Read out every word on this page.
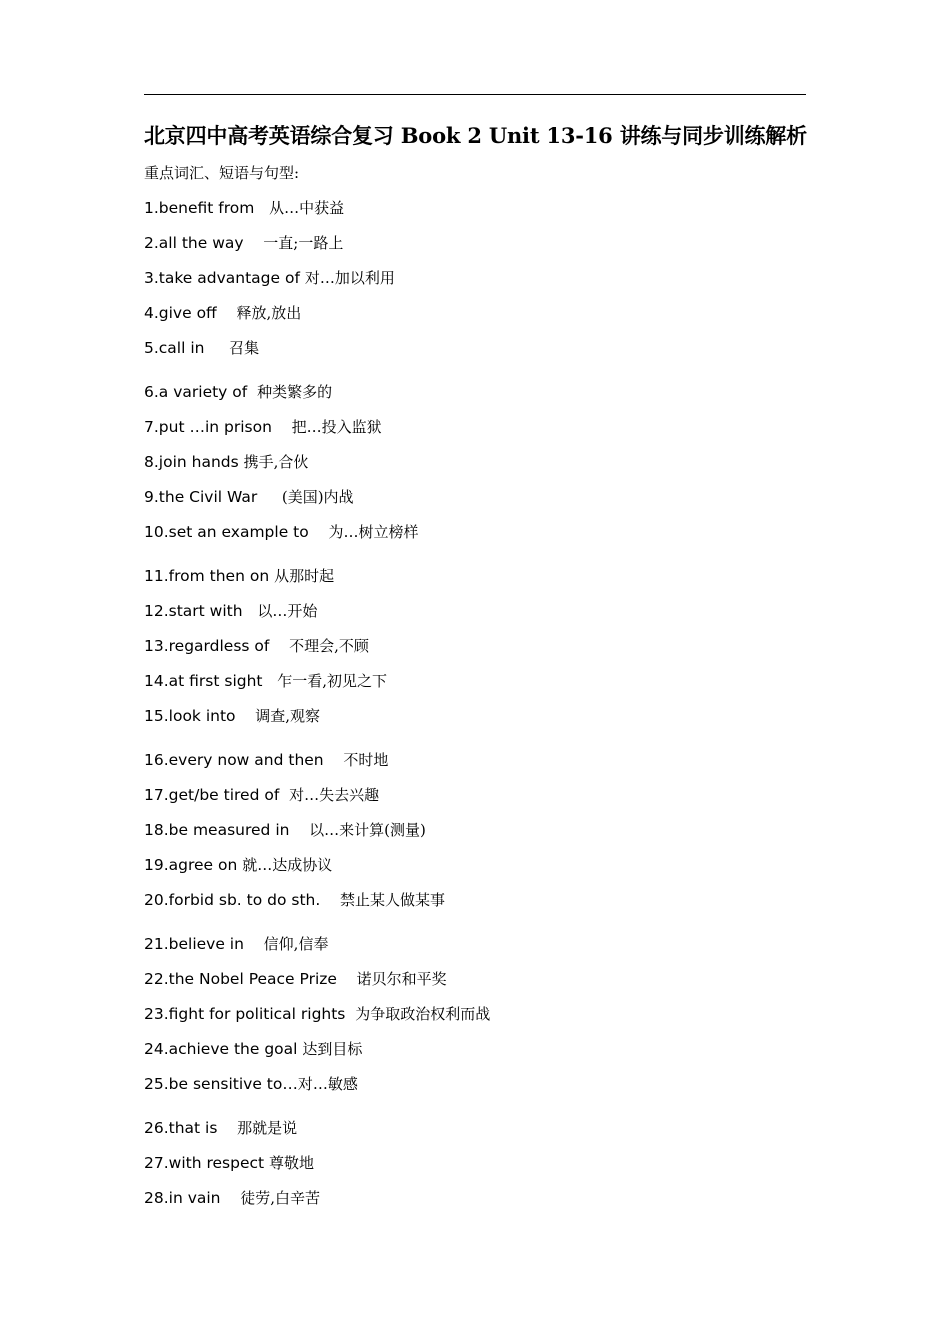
北京四中高考英语综合复习 Book 2 Unit 13-16 讲练与同步训练解析

重点词汇、短语与句型:

1.benefit from 从…中获益
2.all the way 一直;一路上
3.take advantage of 对…加以利用
4.give off 释放,放出
5.call in 召集
6.a variety of 种类繁多的
7.put …in prison 把…投入监狱
8.join hands 携手,合伙
9.the Civil War (美国)内战
10.set an example to 为…树立榜样
11.from then on 从那时起
12.start with 以…开始
13.regardless of 不理会,不顾
14.at first sight 乍一看,初见之下
15.look into 调查,观察
16.every now and then 不时地
17.get/be tired of 对…失去兴趣
18.be measured in 以…来计算(测量)
19.agree on 就…达成协议
20.forbid sb. to do sth. 禁止某人做某事
21.believe in 信仰,信奉
22.the Nobel Peace Prize 诺贝尔和平奖
23.fight for political rights 为争取政治权利而战
24.achieve the goal 达到目标
25.be sensitive to…对…敏感
26.that is 那就是说
27.with respect 尊敬地
28.in vain 徒劳,白辛苦
